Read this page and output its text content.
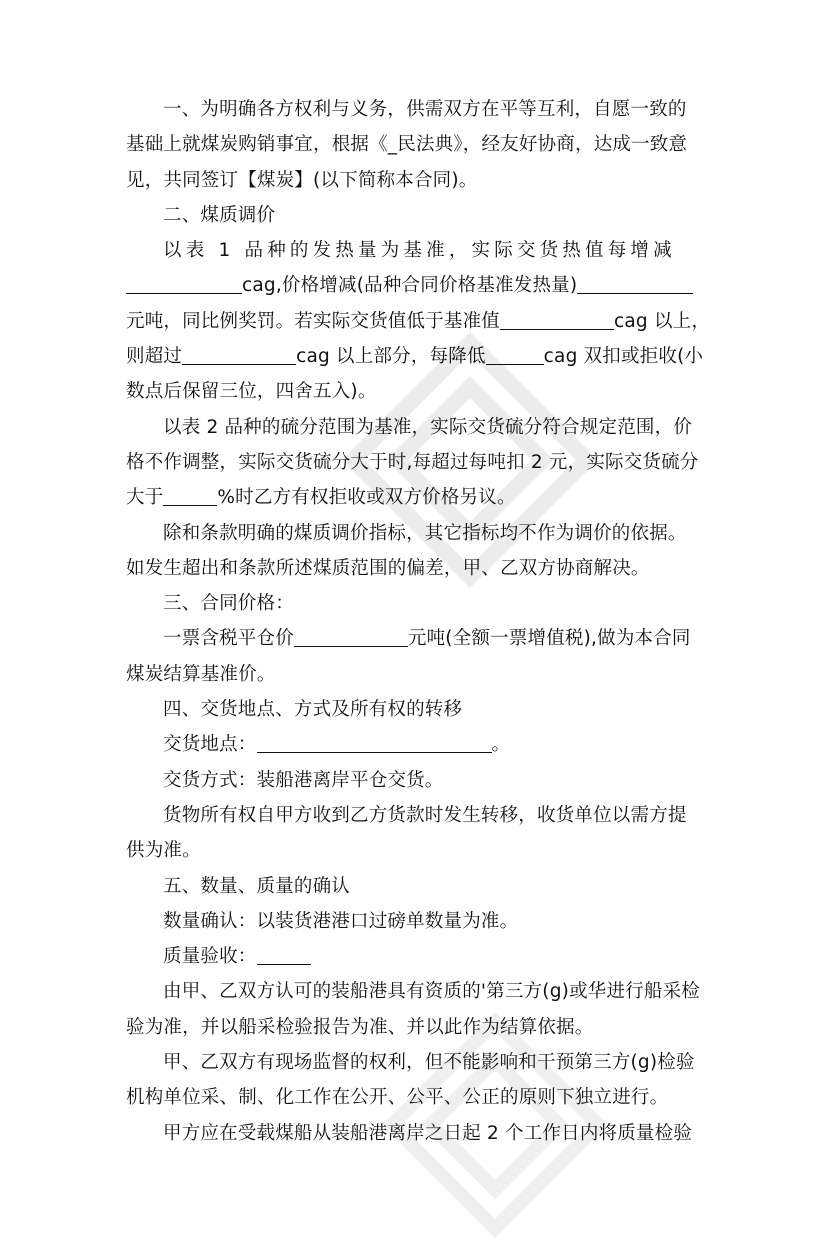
一、为明确各方权利与义务，供需双方在平等互利，自愿一致的

基础上就煤炭购销事宜，根据《_民法典》，经友好协商，达成一致意

见，共同签订【煤炭】(以下简称本合同)。

二、煤质调价

以表 1 品种的发热量为基准，实际交货热值每增减

cag,价格增减(品种合同价格基准发热量)

元吨，同比例奖罚。若实际交货值低于基准值	cag 以上，

则超过	cag 以上部分，每降低	cag 双扣或拒收(小

数点后保留三位，四舍五入)。

以表 2 品种的硫分范围为基准，实际交货硫分符合规定范围，价

格不作调整，实际交货硫分大于时,每超过每吨扣 2 元，实际交货硫分

大于	%时乙方有权拒收或双方价格另议。

除和条款明确的煤质调价指标，其它指标均不作为调价的依据。

如发生超出和条款所述煤质范围的偏差，甲、乙双方协商解决。

三、合同价格：

一票含税平仓价	元吨(全额一票增值税),做为本合同

煤炭结算基准价。

四、交货地点、方式及所有权的转移

交货地点：	。

交货方式：装船港离岸平仓交货。

货物所有权自甲方收到乙方货款时发生转移，收货单位以需方提

供为准。

五、数量、质量的确认

数量确认：以装货港港口过磅单数量为准。

质量验收：

由甲、乙双方认可的装船港具有资质的'第三方(g)或华进行船采检

验为准，并以船采检验报告为准、并以此作为结算依据。

甲、乙双方有现场监督的权利，但不能影响和干预第三方(g)检验

机构单位采、制、化工作在公开、公平、公正的原则下独立进行。

甲方应在受载煤船从装船港离岸之日起 2 个工作日内将质量检验
